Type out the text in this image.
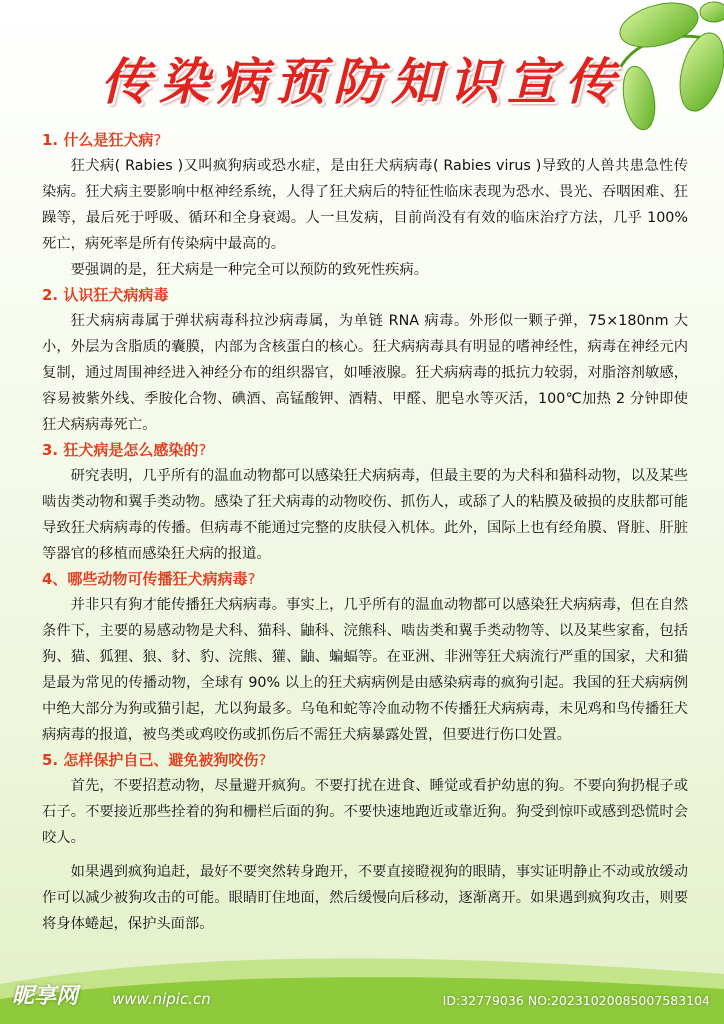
传染病预防知识宣传

1. 什么是狂犬病?

狂犬病( Rabies )又叫疯狗病或恐水症，是由狂犬病病毒( Rabies virus )导致的人兽共患急性传染病。狂犬病主要影响中枢神经系统，人得了狂犬病后的特征性临床表现为恐水、畏光、吞咽困难、狂躁等，最后死于呼吸、循环和全身衰竭。人一旦发病，目前尚没有有效的临床治疗方法，几乎 100% 死亡，病死率是所有传染病中最高的。

要强调的是，狂犬病是一种完全可以预防的致死性疾病。

2. 认识狂犬病病毒

狂犬病病毒属于弹状病毒科拉沙病毒属，为单链 RNA 病毒。外形似一颗子弹，75×180nm 大小，外层为含脂质的囊膜，内部为含核蛋白的核心。狂犬病病毒具有明显的嗜神经性，病毒在神经元内复制，通过周围神经进入神经分布的组织器官，如唾液腺。狂犬病病毒的抵抗力较弱，对脂溶剂敏感，容易被紫外线、季胺化合物、碘酒、高锰酸钾、酒精、甲醛、肥皂水等灭活，100℃加热 2 分钟即使狂犬病病毒死亡。

3. 狂犬病是怎么感染的?

研究表明，几乎所有的温血动物都可以感染狂犬病病毒，但最主要的为犬科和猫科动物，以及某些啮齿类动物和翼手类动物。感染了狂犬病毒的动物咬伤、抓伤人，或舔了人的粘膜及破损的皮肤都可能导致狂犬病病毒的传播。但病毒不能通过完整的皮肤侵入机体。此外，国际上也有经角膜、肾脏、肝脏等器官的移植而感染狂犬病的报道。

4、哪些动物可传播狂犬病病毒?

并非只有狗才能传播狂犬病病毒。事实上，几乎所有的温血动物都可以感染狂犬病病毒，但在自然条件下，主要的易感动物是犬科、猫科、鼬科、浣熊科、啮齿类和翼手类动物等、以及某些家畜，包括狗、猫、狐狸、狼、豺、豹、浣熊、獾、鼬、蝙蝠等。在亚洲、非洲等狂犬病流行严重的国家，犬和猫是最为常见的传播动物，全球有 90% 以上的狂犬病病例是由感染病毒的疯狗引起。我国的狂犬病病例中绝大部分为狗或猫引起，尤以狗最多。乌龟和蛇等冷血动物不传播狂犬病病毒，未见鸡和鸟传播狂犬病病毒的报道，被鸟类或鸡咬伤或抓伤后不需狂犬病暴露处置，但要进行伤口处置。

5. 怎样保护自己、避免被狗咬伤?

首先，不要招惹动物，尽量避开疯狗。不要打扰在进食、睡觉或看护幼崽的狗。不要向狗扔棍子或石子。不要接近那些拴着的狗和栅栏后面的狗。不要快速地跑近或靠近狗。狗受到惊吓或感到恐慌时会咬人。

如果遇到疯狗追赶，最好不要突然转身跑开，不要直接瞪视狗的眼睛，事实证明静止不动或放缓动作可以减少被狗攻击的可能。眼睛盯住地面，然后缓慢向后移动，逐渐离开。如果遇到疯狗攻击，则要将身体蜷起，保护头面部。

昵享网 www.nipic.cn	ID:32779036 NO:20231020085007583104
